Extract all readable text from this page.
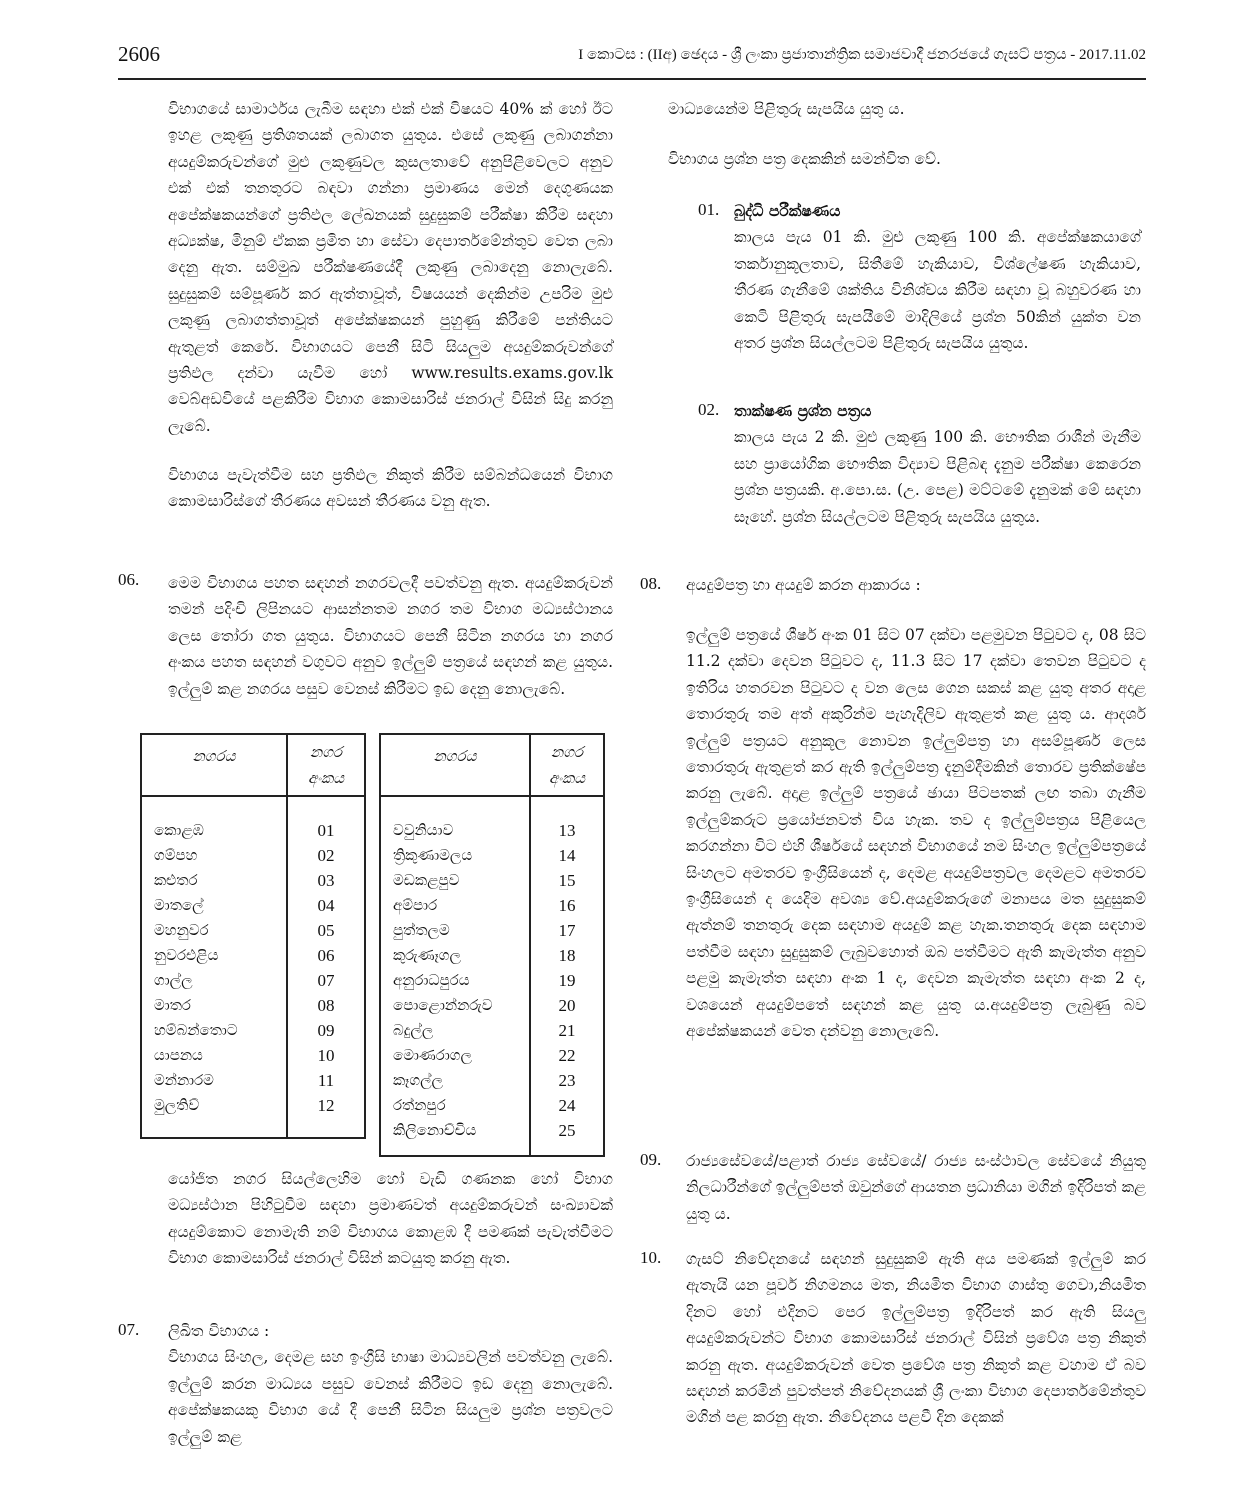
2606	I කොටස : (IIඅ) ඡෙදය - ශ්‍රී ලංකා ප්‍රජාතාන්ත්‍රික සමාජවාදී ජනරජයේ ගැසට් පත්‍රය - 2017.11.02

විභාගයේ සාමාර්ථය ලැබීම සඳහා එක් එක් විෂයට 40% ක් හෝ ඊට ඉහළ ලකුණු ප්‍රතිශතයක් ලබාගත යුතුය. එසේ ලකුණු ලබාගන්නා අයදුම්කරුවන්ගේ මුළු ලකුණුවල කුසලතාවේ අනුපිළිවෙලට අනුව එක් එක් තනතුරට බඳවා ගන්නා ප්‍රමාණය මෙන් දෙගුණයක අපේක්ෂකයන්ගේ ප්‍රතිඵල ලේඛනයක් සුදුසුකම් පරීක්ෂා කිරීම සඳහා අධ්‍යක්ෂ, මිනුම් ඒකක ප්‍රමිත හා සේවා දෙපාර්තමේන්තුව වෙත ලබා දෙනු ඇත. සම්මුඛ පරීක්ෂණයේදී ලකුණු ලබාදෙනු නොලැබේ. සුදුසුකම් සම්පූර්ණ කර ඇත්තාවූත්, විෂයයන් දෙකින්ම උපරිම මුළු ලකුණු ලබාගත්තාවූත් අපේක්ෂකයන් පුහුණු කිරීමේ පන්තියට ඇතුළත් කෙරේ. විභාගයට පෙනී සිටි සියලුම අයදුම්කරුවන්ගේ ප්‍රතිඵල දන්වා යැවීම හෝ www.results.exams.gov.lk වෙබ්අඩවියේ පළකිරීම විභාග කොමසාරිස් ජනරාල් විසින් සිදු කරනු ලැබේ.

විභාගය පැවැත්වීම සහ ප්‍රතිඵල නිකුත් කිරීම සම්බන්ධයෙන් විභාග කොමසාරිස්ගේ තීරණය අවසන් තීරණය වනු ඇත.

06. මෙම විභාගය පහත සඳහන් නගරවලදී පවත්වනු ඇත. අයදුම්කරුවන් තමන් පදිංචි ලිපිනයට ආසන්නතම නගර තම විභාග මධ්‍යස්ථානය ලෙස තෝරා ගත යුතුය. විභාගයට පෙනී සිටින නගරය හා නගර අංකය පහත සඳහන් වගුවට අනුව ඉල්ලුම් පත්‍රයේ සඳහන් කළ යුතුය. ඉල්ලුම් කළ නගරය පසුව වෙනස් කිරීමට ඉඩ දෙනු නොලැබේ.

නගරය	නගර
අංකය
කොළඹ	01
ගම්පහ	02
කළුතර	03
මාතලේ	04
මහනුවර	05
නුවරඑළිය	06
ගාල්ල	07
මාතර	08
හම්බන්තොට	09
යාපනය	10
මන්නාරම	11
මුලතිව්	12
නගරය	නගර
අංකය
වවුනියාව	13
ත්‍රිකුණාමලය	14
මඩකළපුව	15
අම්පාර	16
පුත්තලම	17
කුරුණෑගල	18
අනුරාධපුරය	19
පොළොන්නරුව	20
බදුල්ල	21
මොණරාගල	22
කෑගල්ල	23
රත්නපුර	24
කිලිනොච්චිය	25

යෝජිත නගර සියල්ලෙහිම හෝ වැඩි ගණනක හෝ විභාග මධ්‍යස්ථාන පිහිටුවීම සඳහා ප්‍රමාණවත් අයදුම්කරුවන් සංඛ්‍යාවක් අයදුම්කොට නොමැති නම් විභාගය කොළඹ දී පමණක් පැවැත්වීමට විභාග කොමසාරිස් ජනරාල් විසින් කටයුතු කරනු ඇත.

07. ලිඛිත විභාගය :

විභාගය සිංහල, දෙමළ සහ ඉංග්‍රීසි භාෂා මාධ්‍යවලින් පවත්වනු ලැබේ. ඉල්ලුම් කරන මාධ්‍යය පසුව වෙනස් කිරීමට ඉඩ දෙනු නොලැබේ. අපේක්ෂකයකු විභාග යේ දී පෙනී සිටින සියලුම ප්‍රශ්න පත්‍රවලට ඉල්ලුම් කළ

මාධ්‍යයෙන්ම පිළිතුරු සැපයිය යුතු ය.

විභාගය ප්‍රශ්න පත්‍ර දෙකකින් සමන්විත වේ.

01. බුද්ධි පරීක්ෂණය

කාලය පැය 01 කි. මුළු ලකුණු 100 කි. අපේක්ෂකයාගේ තර්කානුකූලතාව, සිතීමේ හැකියාව, විශ්ලේෂණ හැකියාව, තීරණ ගැනීමේ ශක්තිය විනිශ්චය කිරීම සඳහා වූ බහුවරණ හා කෙටි පිළිතුරු සැපයීමේ මාදිලියේ ප්‍රශ්න 50කින් යුක්ත වන අතර ප්‍රශ්න සියල්ලටම පිළිතුරු සැපයිය යුතුය.

02. තාක්ෂණ ප්‍රශ්න පත්‍රය

කාලය පැය 2 කි. මුළු ලකුණු 100 කි. භෞතික රාශීන් මැනීම සහ ප්‍රායෝගික භෞතික විද්‍යාව පිළිබඳ දැනුම පරීක්ෂා කෙරෙන ප්‍රශ්න පත්‍රයකි. අ.පො.ස. (උ. පෙළ) මට්ටමේ දැනුමක් මේ සඳහා සෑහේ. ප්‍රශ්න සියල්ලටම පිළිතුරු සැපයිය යුතුය.

08. අයදුම්පත්‍ර හා අයදුම් කරන ආකාරය :

ඉල්ලුම් පත්‍රයේ ශීර්ෂ අංක 01 සිට 07 දක්වා පළමුවන පිටුවට ද, 08 සිට 11.2 දක්වා දෙවන පිටුවට ද, 11.3 සිට 17 දක්වා තෙවන පිටුවට ද ඉතිරිය හතරවන පිටුවට ද වන ලෙස ගෙන සකස් කළ යුතු අතර අදාළ තොරතුරු තම අත් අකුරින්ම පැහැදිලිව ඇතුළත් කළ යුතු ය. ආදර්ශ ඉල්ලුම් පත්‍රයට අනුකූල නොවන ඉල්ලුම්පත්‍ර හා අසම්පූර්ණ ලෙස තොරතුරු ඇතුළත් කර ඇති ඉල්ලුම්පත්‍ර දැනුම්දීමකින් තොරව ප්‍රතික්ෂේප කරනු ලැබේ. අදාළ ඉල්ලුම් පත්‍රයේ ඡායා පිටපතක් ලඟ තබා ගැනීම ඉල්ලුම්කරුට ප්‍රයෝජනවත් විය හැක. තව ද ඉල්ලුම්පත්‍රය පිළියෙල කරගන්නා විට එහි ශීර්ෂයේ සඳහන් විභාගයේ නම සිංහල ඉල්ලුම්පත්‍රයේ සිංහලට අමතරව ඉංග්‍රීසියෙන් ද, දෙමළ අයදුම්පත්‍රවල දෙමළට අමතරව ඉංග්‍රීසියෙන් ද යෙදිම අවශ්‍ය වේ.අයදුම්කරුගේ මනාපය මත සුදුසුකම් ඇත්නම් තනතුරු දෙක සඳහාම අයදුම් කළ හැක.තනතුරු දෙක සඳහාම පත්වීම සඳහා සුදුසුකම් ලැබුවහොත් ඔබ පත්වීමට ඇති කැමැත්ත අනුව පළමු කැමැත්ත සඳහා අංක 1 ද, දෙවන කැමැත්ත සඳහා අංක 2 ද, වශයෙන් අයදුම්පතේ සඳහන් කළ යුතු ය.අයදුම්පත්‍ර ලැබුණු බව අපේක්ෂකයන් වෙත දන්වනු නොලැබේ.

09. රාජ්‍යසේවයේ/පළාත් රාජ්‍ය සේවයේ/ රාජ්‍ය සංස්ථාවල සේවයේ නියුතු නිලධාරීන්ගේ ඉල්ලුම්පත් ඔවුන්ගේ ආයතන ප්‍රධානියා මගින් ඉදිරිපත් කළ යුතු ය.

10. ගැසට් නිවේදනයේ සඳහන් සුදුසුකම් ඇති අය පමණක් ඉල්ලුම් කර ඇතැයි යන පූර්ව නිගමනය මත, නියමිත විභාග ගාස්තු ගෙවා,නියමිත දිනට හෝ එදිනට පෙර ඉල්ලුම්පත්‍ර ඉදිරිපත් කර ඇති සියලු අයදුම්කරුවන්ට විභාග කොමසාරිස් ජනරාල් විසින් ප්‍රවේශ පත්‍ර නිකුත් කරනු ඇත. අයදුම්කරුවන් වෙත ප්‍රවේශ පත්‍ර නිකුත් කළ වහාම ඒ බව සඳහන් කරමින් පුවත්පත් නිවේදනයක් ශ්‍රී ලංකා විභාග දෙපාර්තමේන්තුව මගින් පළ කරනු ඇත. නිවේදනය පළවී දින දෙකක්
